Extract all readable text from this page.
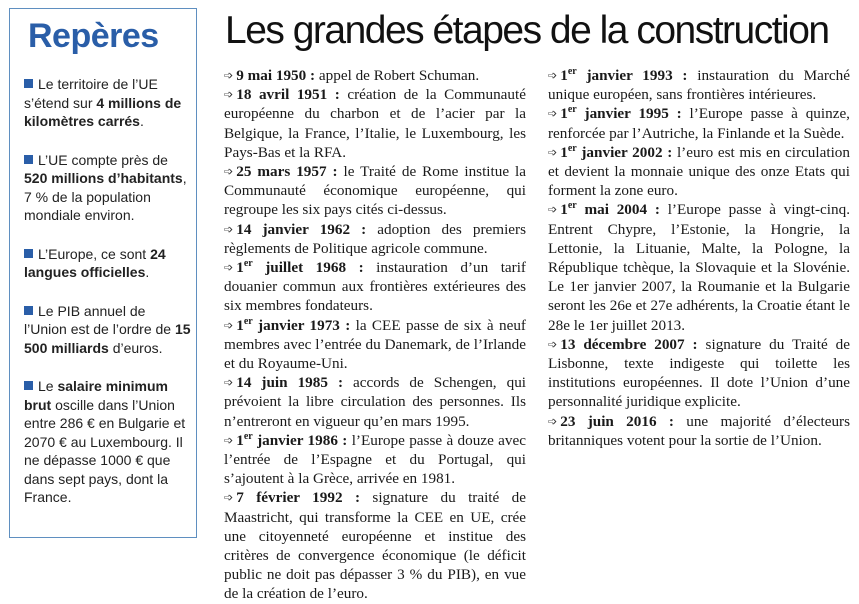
Repères
Le territoire de l’UE s’étend sur 4 millions de kilomètres carrés.
L’UE compte près de 520 millions d’habitants, 7 % de la population mondiale environ.
L’Europe, ce sont 24 langues officielles.
Le PIB annuel de l’Union est de l’ordre de 15 500 milliards d’euros.
Le salaire minimum brut oscille dans l’Union entre 286 € en Bulgarie et 2070 € au Luxembourg. Il ne dépasse 1000 € que dans sept pays, dont la France.
Les grandes étapes de la construction

➩ 9 mai 1950 : appel de Robert Schuman.

➩ 18 avril 1951 : création de la Communauté européenne du charbon et de l’acier par la Belgique, la France, l’Italie, le Luxembourg, les Pays-Bas et la RFA.

➩ 25 mars 1957 : le Traité de Rome institue la Communauté économique européenne, qui regroupe les six pays cités ci-dessus.

➩ 14 janvier 1962 : adoption des premiers règlements de Politique agricole commune.

➩ 1er juillet 1968 : instauration d’un tarif douanier commun aux frontières extérieures des six membres fondateurs.

➩ 1er janvier 1973 : la CEE passe de six à neuf membres avec l’entrée du Danemark, de l’Irlande et du Royaume-Uni.

➩ 14 juin 1985 : accords de Schengen, qui prévoient la libre circulation des personnes. Ils n’entreront en vigueur qu’en mars 1995.

➩ 1er janvier 1986 : l’Europe passe à douze avec l’entrée de l’Espagne et du Portugal, qui s’ajoutent à la Grèce, arrivée en 1981.

➩ 7 février 1992 : signature du traité de Maastricht, qui transforme la CEE en UE, crée une citoyenneté européenne et institue des critères de convergence économique (le déficit public ne doit pas dépasser 3 % du PIB), en vue de la création de l’euro.

➩ 1er janvier 1993 : instauration du Marché unique européen, sans frontières intérieures.

➩ 1er janvier 1995 : l’Europe passe à quinze, renforcée par l’Autriche, la Finlande et la Suède.

➩ 1er janvier 2002 : l’euro est mis en circulation et devient la monnaie unique des onze Etats qui forment la zone euro.

➩ 1er mai 2004 : l’Europe passe à vingt-cinq. Entrent Chypre, l’Estonie, la Hongrie, la Lettonie, la Lituanie, Malte, la Pologne, la République tchèque, la Slovaquie et la Slovénie. Le 1er janvier 2007, la Roumanie et la Bulgarie seront les 26e et 27e adhérents, la Croatie étant le 28e le 1er juillet 2013.

➩ 13 décembre 2007 : signature du Traité de Lisbonne, texte indigeste qui toilette les institutions européennes. Il dote l’Union d’une personnalité juridique explicite.

➩ 23 juin 2016 : une majorité d’électeurs britanniques votent pour la sortie de l’Union.
